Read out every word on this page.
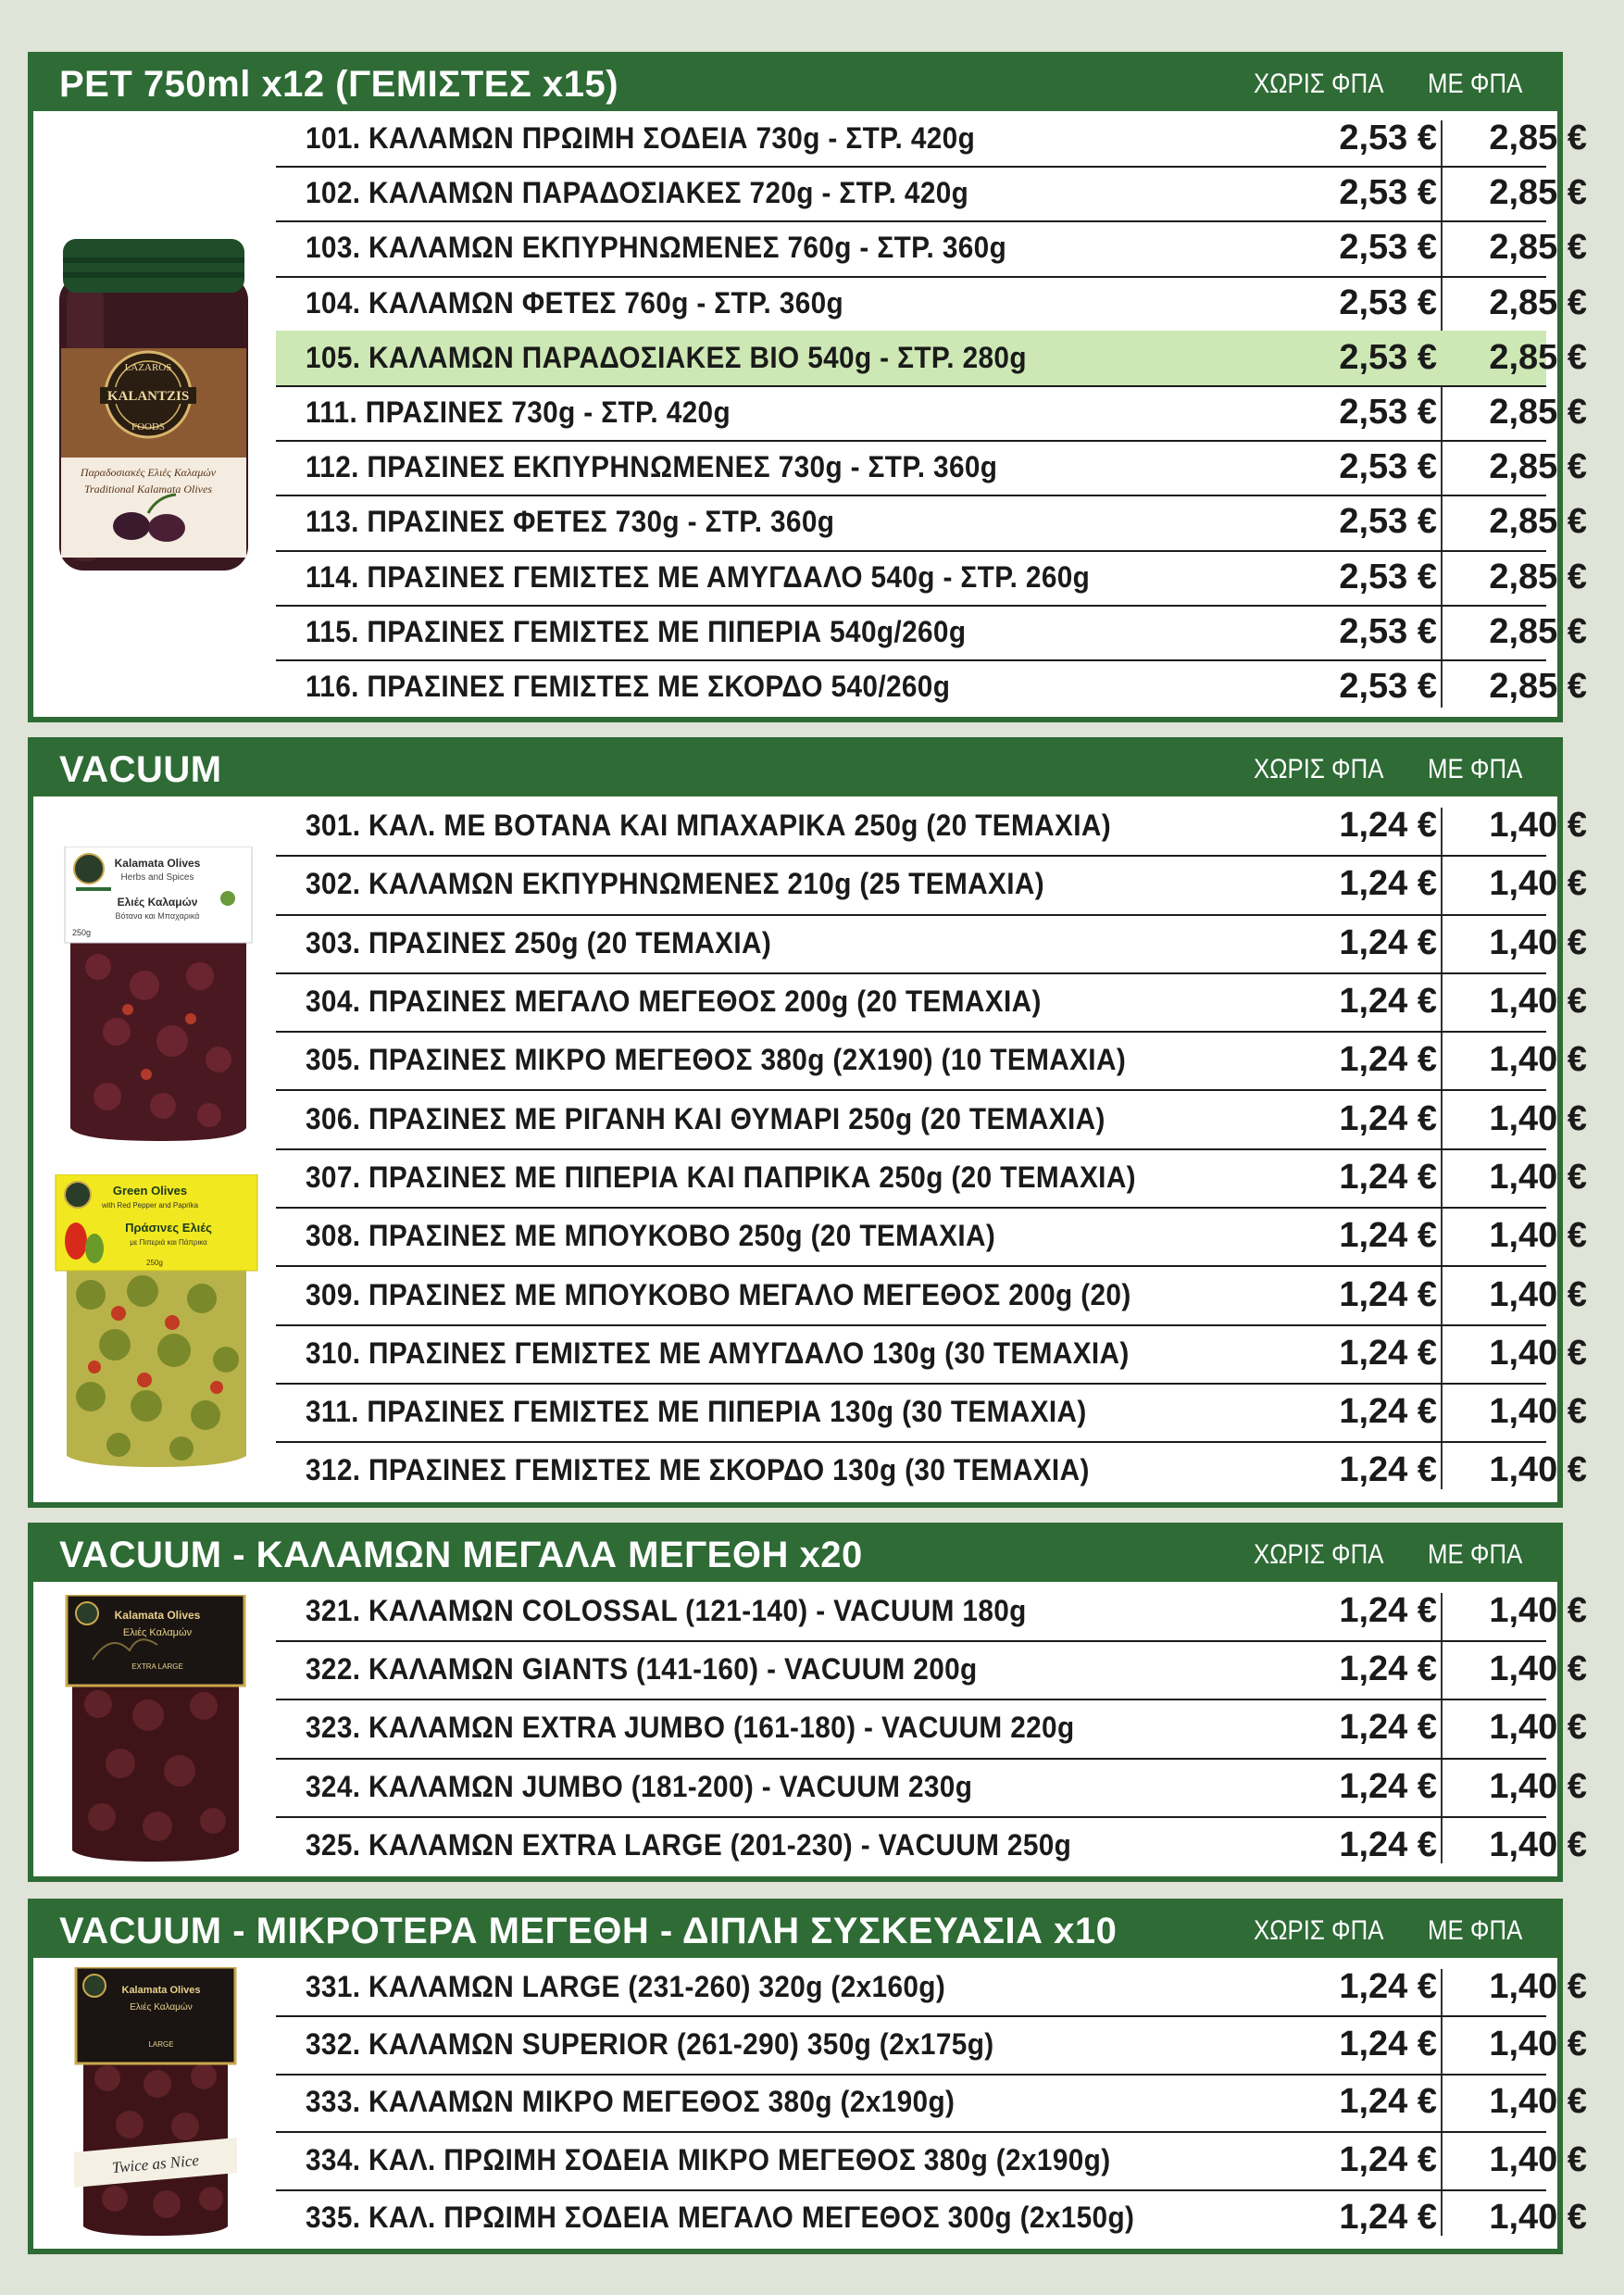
PET 750ml x12 (ΓΕΜΙΣΤΕΣ x15)	ΧΩΡΙΣ ΦΠΑ ΜΕ ΦΠΑ
LAZAROS
KALANTZIS
FOODS
Παραδοσιακές Ελιές Καλαμών
Traditional Kalamata Olives
101. ΚΑΛΑΜΩΝ ΠΡΩΙΜΗ ΣΟΔΕΙΑ 730g - ΣΤΡ. 420g	2,53 €	2,85 €
102. ΚΑΛΑΜΩΝ ΠΑΡΑΔΟΣΙΑΚΕΣ 720g - ΣΤΡ. 420g	2,53 €	2,85 €
103. ΚΑΛΑΜΩΝ ΕΚΠΥΡΗΝΩΜΕΝΕΣ 760g - ΣΤΡ. 360g	2,53 €	2,85 €
104. ΚΑΛΑΜΩΝ ΦΕΤΕΣ 760g - ΣΤΡ. 360g	2,53 €	2,85 €
105. ΚΑΛΑΜΩΝ ΠΑΡΑΔΟΣΙΑΚΕΣ ΒΙΟ 540g - ΣΤΡ. 280g	2,53 €	2,85 €
111. ΠΡΑΣΙΝΕΣ 730g - ΣΤΡ. 420g	2,53 €	2,85 €
112. ΠΡΑΣΙΝΕΣ ΕΚΠΥΡΗΝΩΜΕΝΕΣ 730g - ΣΤΡ. 360g	2,53 €	2,85 €
113. ΠΡΑΣΙΝΕΣ ΦΕΤΕΣ 730g - ΣΤΡ. 360g	2,53 €	2,85 €
114. ΠΡΑΣΙΝΕΣ ΓΕΜΙΣΤΕΣ ΜΕ ΑΜΥΓΔΑΛΟ 540g - ΣΤΡ. 260g	2,53 €	2,85 €
115. ΠΡΑΣΙΝΕΣ ΓΕΜΙΣΤΕΣ ΜΕ ΠΙΠΕΡΙΑ 540g/260g	2,53 €	2,85 €
116. ΠΡΑΣΙΝΕΣ ΓΕΜΙΣΤΕΣ ΜΕ ΣΚΟΡΔΟ 540/260g	2,53 €	2,85 €
VACUUM	ΧΩΡΙΣ ΦΠΑ ΜΕ ΦΠΑ
Kalamata Olives
Herbs and Spices
Ελιές Καλαμών
Βότανα και Μπαχαρικά
250g
Green Olives
with Red Pepper and Paprika
Πράσινες Ελιές
με Πιπεριά και Πάπρικα
250g
301. ΚΑΛ. ΜΕ ΒΟΤΑΝΑ ΚΑΙ ΜΠΑΧΑΡΙΚΑ 250g (20 ΤΕΜΑΧΙΑ)	1,24 €	1,40 €
302. ΚΑΛΑΜΩΝ ΕΚΠΥΡΗΝΩΜΕΝΕΣ 210g (25 ΤΕΜΑΧΙΑ)	1,24 €	1,40 €
303. ΠΡΑΣΙΝΕΣ 250g (20 ΤΕΜΑΧΙΑ)	1,24 €	1,40 €
304. ΠΡΑΣΙΝΕΣ ΜΕΓΑΛΟ ΜΕΓΕΘΟΣ 200g (20 ΤΕΜΑΧΙΑ)	1,24 €	1,40 €
305. ΠΡΑΣΙΝΕΣ ΜΙΚΡΟ ΜΕΓΕΘΟΣ 380g (2Χ190) (10 ΤΕΜΑΧΙΑ)	1,24 €	1,40 €
306. ΠΡΑΣΙΝΕΣ ΜΕ ΡΙΓΑΝΗ ΚΑΙ ΘΥΜΑΡΙ 250g (20 ΤΕΜΑΧΙΑ)	1,24 €	1,40 €
307. ΠΡΑΣΙΝΕΣ ΜΕ ΠΙΠΕΡΙΑ ΚΑΙ ΠΑΠΡΙΚΑ 250g (20 ΤΕΜΑΧΙΑ)	1,24 €	1,40 €
308. ΠΡΑΣΙΝΕΣ ΜΕ ΜΠΟΥΚΟΒΟ 250g (20 ΤΕΜΑΧΙΑ)	1,24 €	1,40 €
309. ΠΡΑΣΙΝΕΣ ΜΕ ΜΠΟΥΚΟΒΟ ΜΕΓΑΛΟ ΜΕΓΕΘΟΣ 200g (20)	1,24 €	1,40 €
310. ΠΡΑΣΙΝΕΣ ΓΕΜΙΣΤΕΣ ΜΕ ΑΜΥΓΔΑΛΟ 130g (30 ΤΕΜΑΧΙΑ)	1,24 €	1,40 €
311. ΠΡΑΣΙΝΕΣ ΓΕΜΙΣΤΕΣ ΜΕ ΠΙΠΕΡΙΑ 130g (30 ΤΕΜΑΧΙΑ)	1,24 €	1,40 €
312. ΠΡΑΣΙΝΕΣ ΓΕΜΙΣΤΕΣ ΜΕ ΣΚΟΡΔΟ 130g (30 ΤΕΜΑΧΙΑ)	1,24 €	1,40 €
VACUUM - ΚΑΛΑΜΩΝ ΜΕΓΑΛΑ ΜΕΓΕΘΗ x20	ΧΩΡΙΣ ΦΠΑ ΜΕ ΦΠΑ
Kalamata Olives
Ελιές Καλαμών
EXTRA LARGE
321. ΚΑΛΑΜΩΝ COLOSSAL (121-140) - VACUUM 180g	1,24 €	1,40 €
322. ΚΑΛΑΜΩΝ GIANTS (141-160) - VACUUM 200g	1,24 €	1,40 €
323. ΚΑΛΑΜΩΝ EXTRA JUMBO (161-180) - VACUUM 220g	1,24 €	1,40 €
324. ΚΑΛΑΜΩΝ JUMBO (181-200) - VACUUM 230g	1,24 €	1,40 €
325. ΚΑΛΑΜΩΝ EXTRA LARGE (201-230) - VACUUM 250g	1,24 €	1,40 €
VACUUM - ΜΙΚΡΟΤΕΡΑ ΜΕΓΕΘΗ - ΔΙΠΛΗ ΣΥΣΚΕΥΑΣΙΑ x10	ΧΩΡΙΣ ΦΠΑ ΜΕ ΦΠΑ
Kalamata Olives
Ελιές Καλαμών
LARGE
Twice as Nice
331. ΚΑΛΑΜΩΝ LARGE (231-260) 320g (2x160g)	1,24 €	1,40 €
332. ΚΑΛΑΜΩΝ SUPERIOR (261-290) 350g (2x175g)	1,24 €	1,40 €
333. ΚΑΛΑΜΩΝ ΜΙΚΡΟ ΜΕΓΕΘΟΣ 380g (2x190g)	1,24 €	1,40 €
334. ΚΑΛ. ΠΡΩΙΜΗ ΣΟΔΕΙΑ ΜΙΚΡΟ ΜΕΓΕΘΟΣ 380g (2x190g)	1,24 €	1,40 €
335. ΚΑΛ. ΠΡΩΙΜΗ ΣΟΔΕΙΑ ΜΕΓΑΛΟ ΜΕΓΕΘΟΣ 300g (2x150g)	1,24 €	1,40 €
